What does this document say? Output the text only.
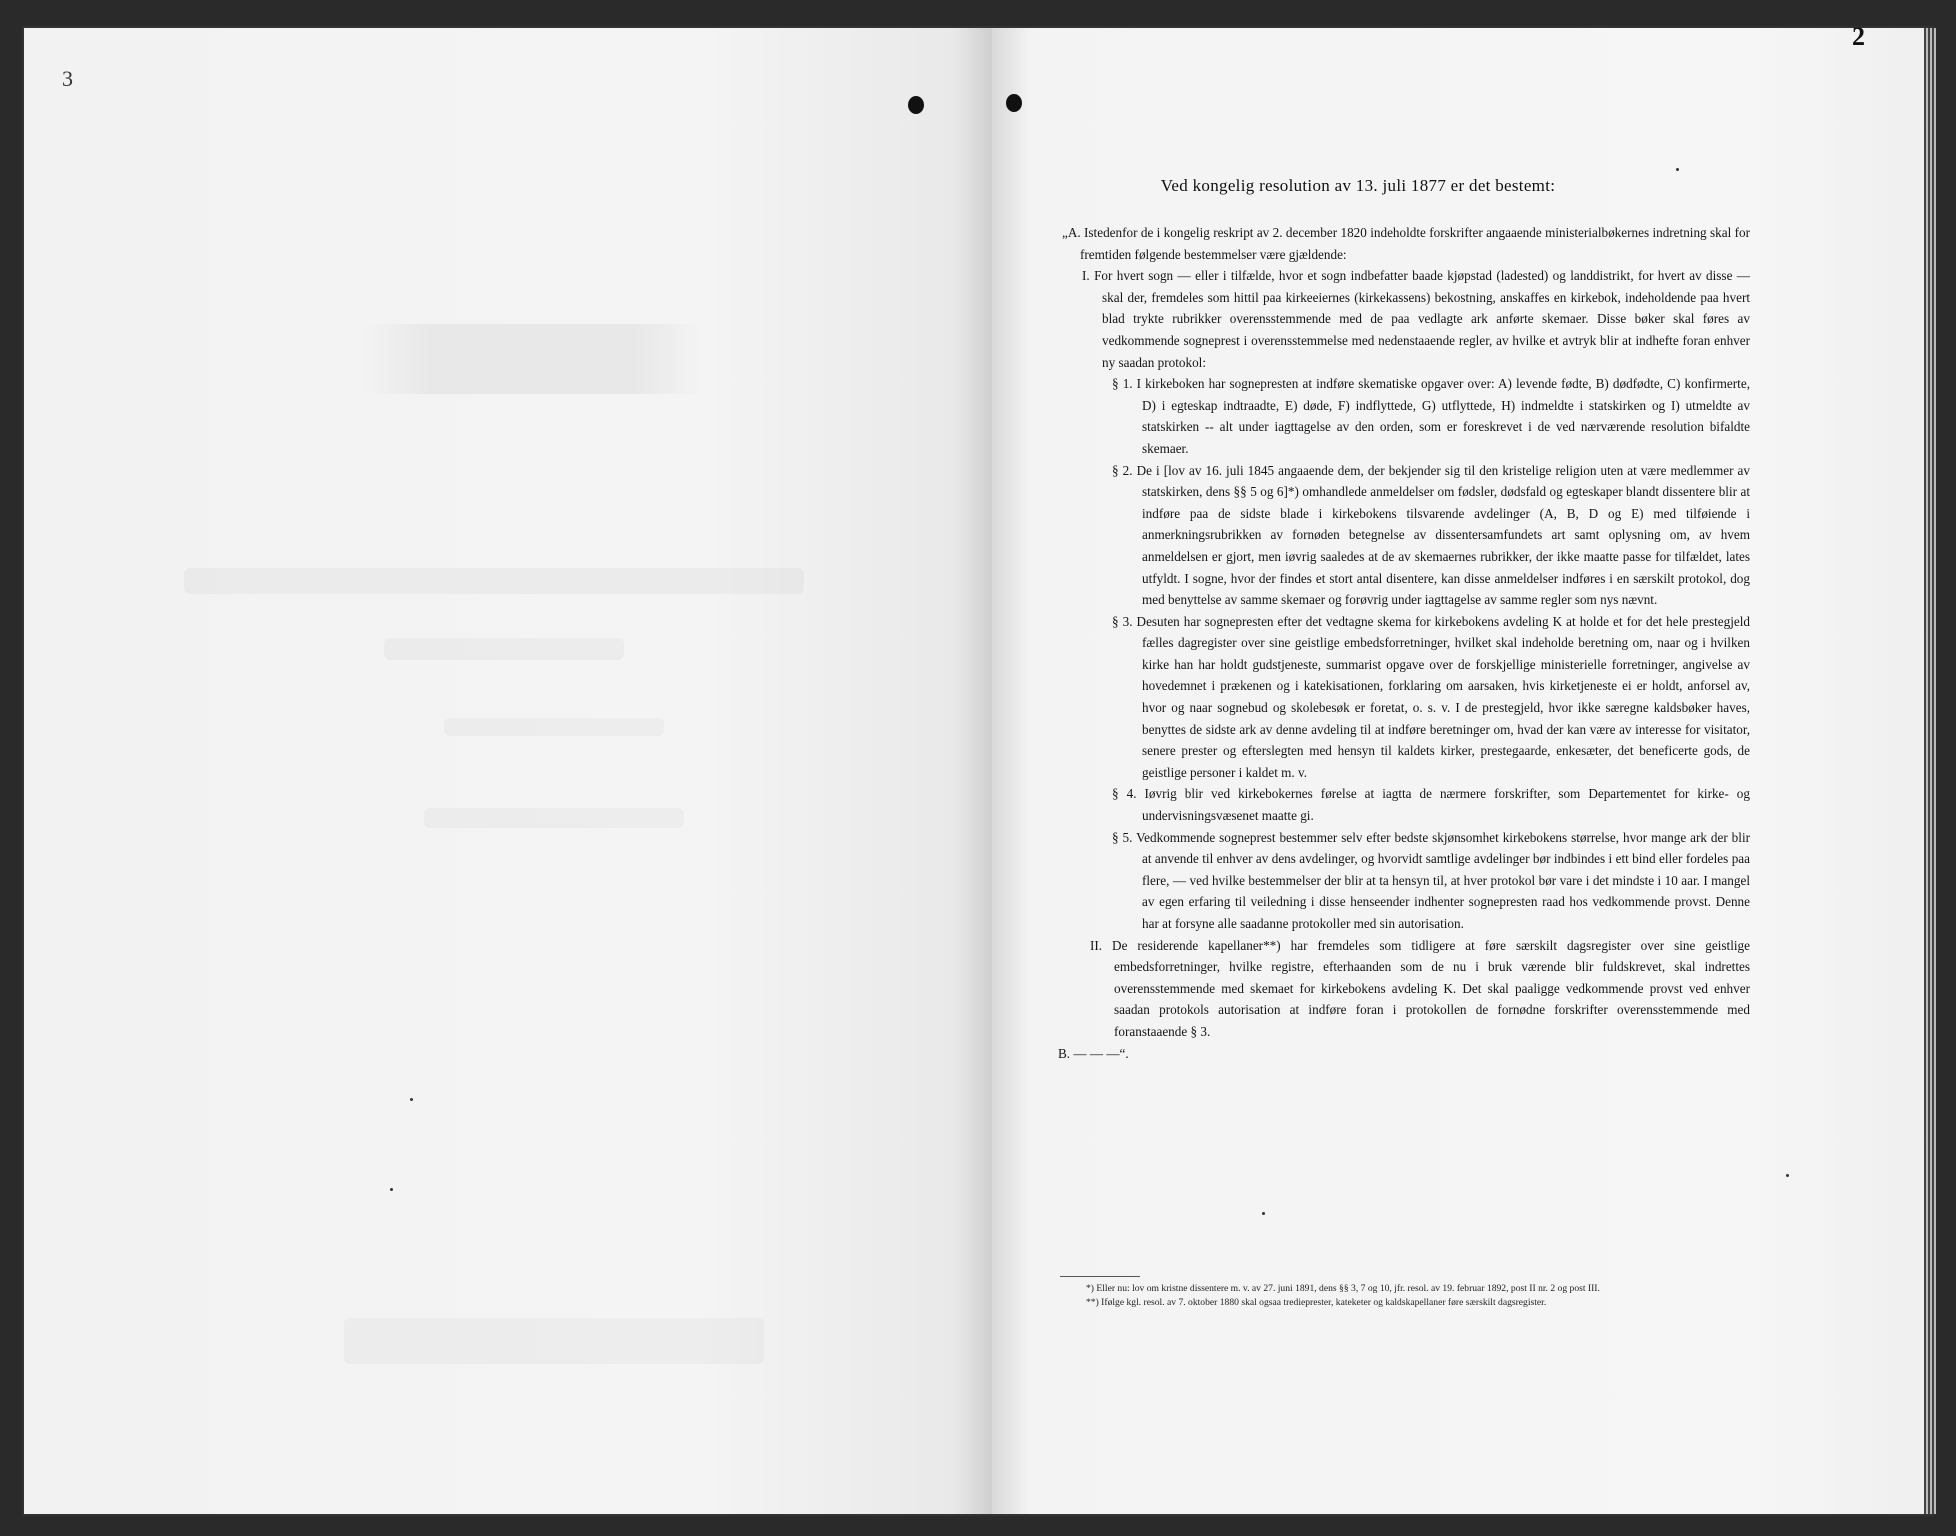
3
2
Ved kongelig resolution av 13. juli 1877 er det bestemt:

„A. Istedenfor de i kongelig reskript av 2. december 1820 indeholdte forskrifter angaaende ministerialbøkernes indretning skal for fremtiden følgende bestemmelser være gjældende:

I. For hvert sogn — eller i tilfælde, hvor et sogn indbefatter baade kjøpstad (ladested) og landdistrikt, for hvert av disse — skal der, fremdeles som hittil paa kirkeeiernes (kirkekassens) bekostning, anskaffes en kirkebok, indeholdende paa hvert blad trykte rubrikker overensstemmende med de paa vedlagte ark anførte skemaer. Disse bøker skal føres av vedkommende sogneprest i overensstemmelse med nedenstaaende regler, av hvilke et avtryk blir at indhefte foran enhver ny saadan protokol:

§ 1. I kirkeboken har sognepresten at indføre skematiske opgaver over: A) levende fødte, B) dødfødte, C) konfirmerte, D) i egteskap indtraadte, E) døde, F) indflyttede, G) utflyttede, H) indmeldte i statskirken og I) utmeldte av statskirken -- alt under iagttagelse av den orden, som er foreskrevet i de ved nærværende resolution bifaldte skemaer.

§ 2. De i [lov av 16. juli 1845 angaaende dem, der bekjender sig til den kristelige religion uten at være medlemmer av statskirken, dens §§ 5 og 6]*) omhandlede anmeldelser om fødsler, dødsfald og egteskaper blandt dissentere blir at indføre paa de sidste blade i kirkebokens tilsvarende avdelinger (A, B, D og E) med tilføiende i anmerkningsrubrikken av fornøden betegnelse av dissentersamfundets art samt oplysning om, av hvem anmeldelsen er gjort, men iøvrig saaledes at de av skemaernes rubrikker, der ikke maatte passe for tilfældet, lates utfyldt. I sogne, hvor der findes et stort antal disentere, kan disse anmeldelser indføres i en særskilt protokol, dog med benyttelse av samme skemaer og forøvrig under iagttagelse av samme regler som nys nævnt.

§ 3. Desuten har sognepresten efter det vedtagne skema for kirkebokens avdeling K at holde et for det hele prestegjeld fælles dagregister over sine geistlige embedsforretninger, hvilket skal indeholde beretning om, naar og i hvilken kirke han har holdt gudstjeneste, summarist opgave over de forskjellige ministerielle forretninger, angivelse av hovedemnet i prækenen og i katekisationen, forklaring om aarsaken, hvis kirketjeneste ei er holdt, anforsel av, hvor og naar sognebud og skolebesøk er foretat, o. s. v. I de prestegjeld, hvor ikke særegne kaldsbøker haves, benyttes de sidste ark av denne avdeling til at indføre beretninger om, hvad der kan være av interesse for visitator, senere prester og efterslegten med hensyn til kaldets kirker, prestegaarde, enkesæter, det beneficerte gods, de geistlige personer i kaldet m. v.

§ 4. Iøvrig blir ved kirkebokernes førelse at iagtta de nærmere forskrifter, som Departementet for kirke- og undervisningsvæsenet maatte gi.

§ 5. Vedkommende sogneprest bestemmer selv efter bedste skjønsomhet kirkebokens størrelse, hvor mange ark der blir at anvende til enhver av dens avdelinger, og hvorvidt samtlige avdelinger bør indbindes i ett bind eller fordeles paa flere, — ved hvilke bestemmelser der blir at ta hensyn til, at hver protokol bør vare i det mindste i 10 aar. I mangel av egen erfaring til veiledning i disse henseender indhenter sognepresten raad hos vedkommende provst. Denne har at forsyne alle saadanne protokoller med sin autorisation.

II. De residerende kapellaner**) har fremdeles som tidligere at føre særskilt dagsregister over sine geistlige embedsforretninger, hvilke registre, efterhaanden som de nu i bruk værende blir fuldskrevet, skal indrettes overensstemmende med skemaet for kirkebokens avdeling K. Det skal paaligge vedkommende provst ved enhver saadan protokols autorisation at indføre foran i protokollen de fornødne forskrifter overensstemmende med foranstaaende § 3.

B. — — —“.

*) Eller nu: lov om kristne dissentere m. v. av 27. juni 1891, dens §§ 3, 7 og 10, jfr. resol. av 19. februar 1892, post II nr. 2 og post III.

**) Ifølge kgl. resol. av 7. oktober 1880 skal ogsaa tredieprester, kateketer og kaldskapellaner føre særskilt dagsregister.
